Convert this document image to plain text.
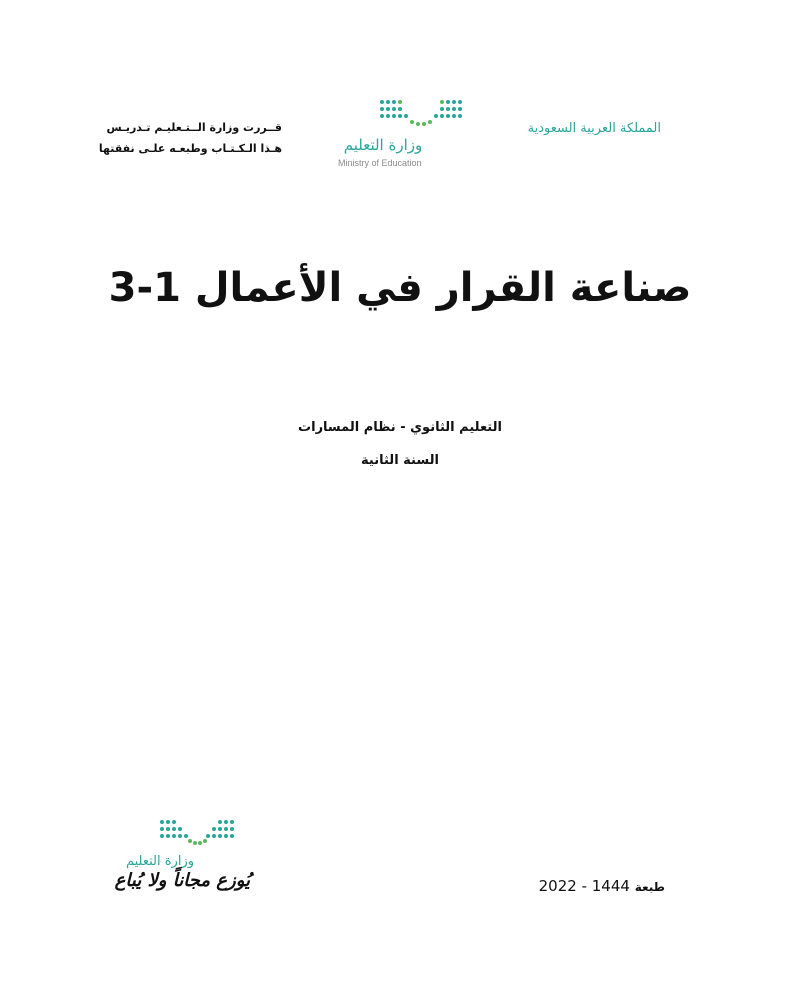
المملكة العربية السعودية
وزارة التعليم
Ministry of Education
قــررت وزارة الــتـعليـم تـدريـس
هـذا الـكـتـاب وطبعـه علـى نفقتها
صناعة القرار في الأعمال 1-3
التعليم الثانوي - نظام المسارات
السنة الثانية
وزارة التعليم
يُوزع مجاناً ولا يُباع	طبعة 1444 - 2022
